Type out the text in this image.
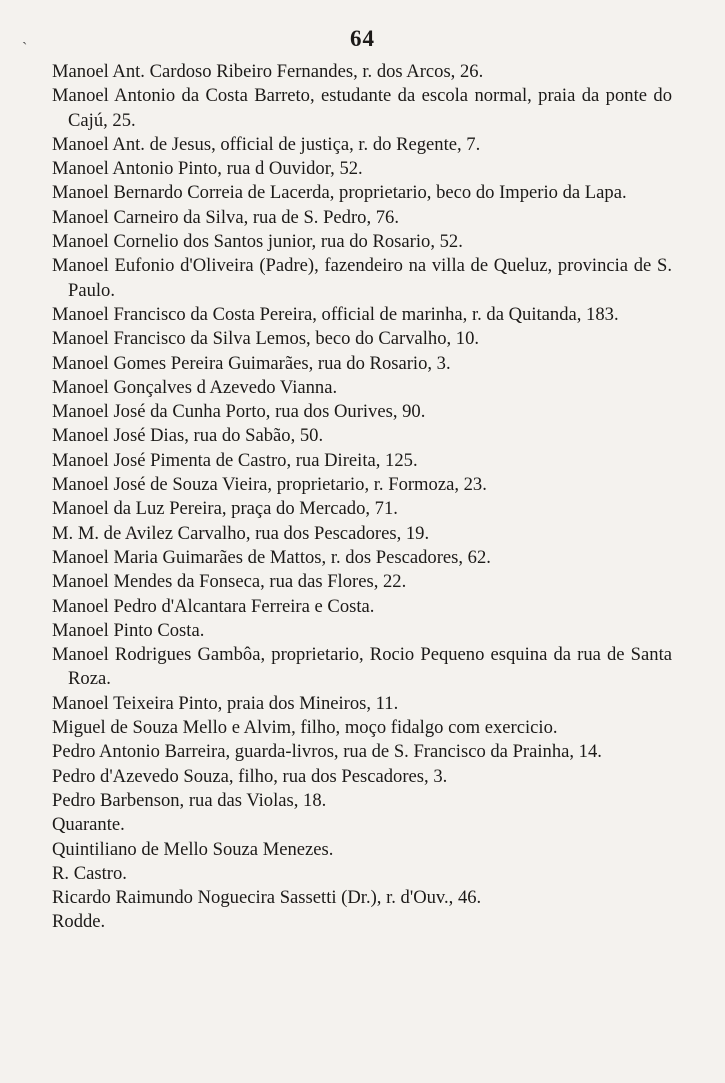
64
`
Manoel Ant. Cardoso Ribeiro Fernandes, r. dos Arcos, 26.
Manoel Antonio da Costa Barreto, estudante da escola normal, praia da ponte do Cajú, 25.
Manoel Ant. de Jesus, official de justiça, r. do Regente, 7.
Manoel Antonio Pinto, rua d Ouvidor, 52.
Manoel Bernardo Correia de Lacerda, proprietario, beco do Imperio da Lapa.
Manoel Carneiro da Silva, rua de S. Pedro, 76.
Manoel Cornelio dos Santos junior, rua do Rosario, 52.
Manoel Eufonio d'Oliveira (Padre), fazendeiro na villa de Queluz, provincia de S. Paulo.
Manoel Francisco da Costa Pereira, official de marinha, r. da Quitanda, 183.
Manoel Francisco da Silva Lemos, beco do Carvalho, 10.
Manoel Gomes Pereira Guimarães, rua do Rosario, 3.
Manoel Gonçalves d Azevedo Vianna.
Manoel José da Cunha Porto, rua dos Ourives, 90.
Manoel José Dias, rua do Sabão, 50.
Manoel José Pimenta de Castro, rua Direita, 125.
Manoel José de Souza Vieira, proprietario, r. Formoza, 23.
Manoel da Luz Pereira, praça do Mercado, 71.
M. M. de Avilez Carvalho, rua dos Pescadores, 19.
Manoel Maria Guimarães de Mattos, r. dos Pescadores, 62.
Manoel Mendes da Fonseca, rua das Flores, 22.
Manoel Pedro d'Alcantara Ferreira e Costa.
Manoel Pinto Costa.
Manoel Rodrigues Gambôa, proprietario, Rocio Pequeno esquina da rua de Santa Roza.
Manoel Teixeira Pinto, praia dos Mineiros, 11.
Miguel de Souza Mello e Alvim, filho, moço fidalgo com exercicio.
Pedro Antonio Barreira, guarda-livros, rua de S. Francisco da Prainha, 14.
Pedro d'Azevedo Souza, filho, rua dos Pescadores, 3.
Pedro Barbenson, rua das Violas, 18.
Quarante.
Quintiliano de Mello Souza Menezes.
R. Castro.
Ricardo Raimundo Noguecira Sassetti (Dr.), r. d'Ouv., 46.
Rodde.
